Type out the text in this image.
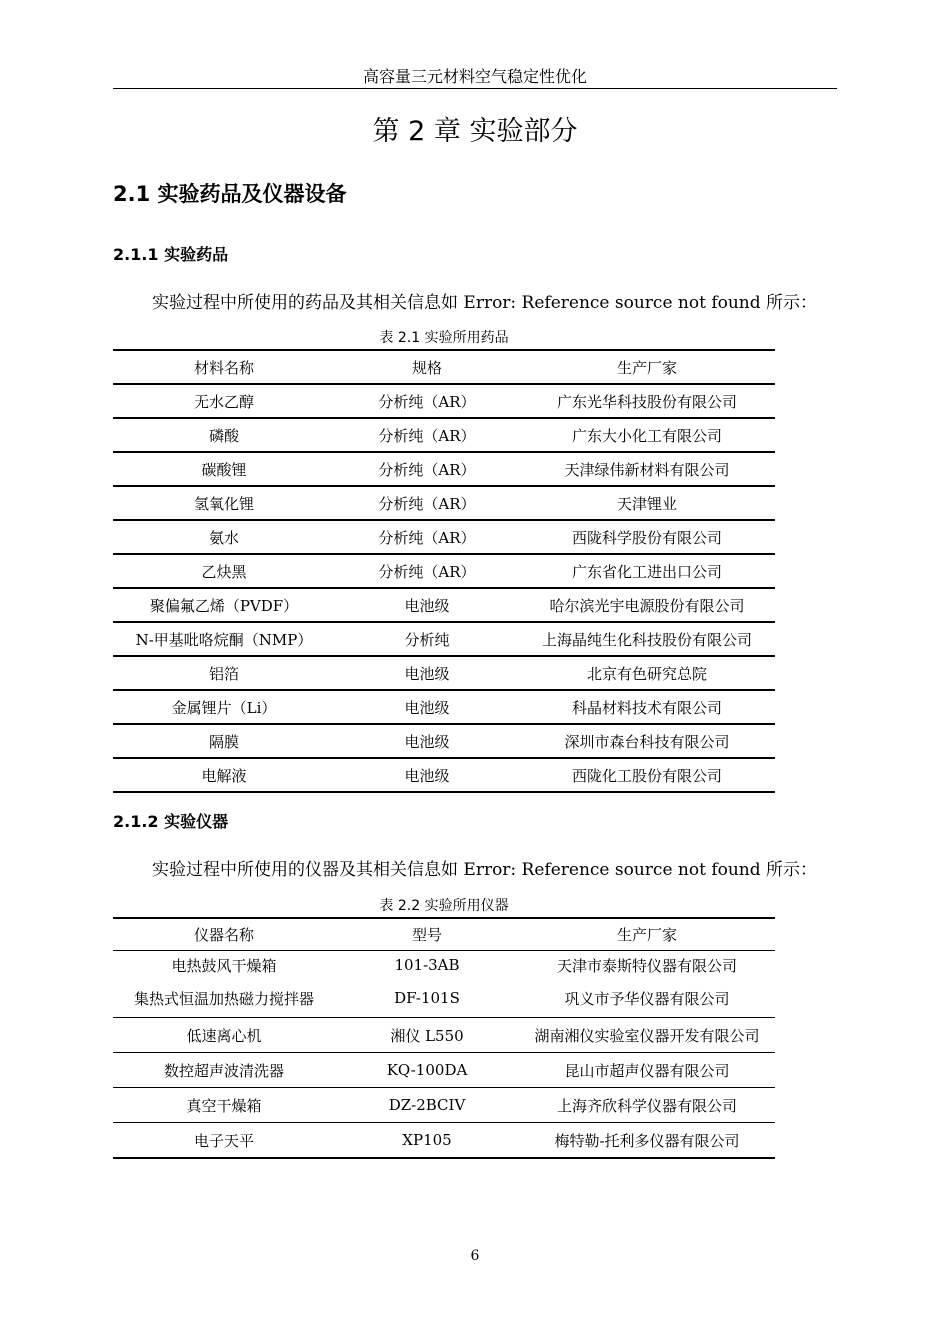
高容量三元材料空气稳定性优化
第 2 章 实验部分
2.1 实验药品及仪器设备
2.1.1 实验药品
实验过程中所使用的药品及其相关信息如 Error: Reference source not found 所示：
表 2.1 实验所用药品
材料名称	规格	生产厂家
无水乙醇	分析纯（AR）	广东光华科技股份有限公司
磷酸	分析纯（AR）	广东大小化工有限公司
碳酸锂	分析纯（AR）	天津绿伟新材料有限公司
氢氧化锂	分析纯（AR）	天津锂业
氨水	分析纯（AR）	西陇科学股份有限公司
乙炔黑	分析纯（AR）	广东省化工进出口公司
聚偏氟乙烯（PVDF）	电池级	哈尔滨光宇电源股份有限公司
N-甲基吡咯烷酮（NMP）	分析纯	上海晶纯生化科技股份有限公司
铝箔	电池级	北京有色研究总院
金属锂片（Li）	电池级	科晶材料技术有限公司
隔膜	电池级	深圳市森台科技有限公司
电解液	电池级	西陇化工股份有限公司
2.1.2 实验仪器
实验过程中所使用的仪器及其相关信息如 Error: Reference source not found 所示：
表 2.2 实验所用仪器
仪器名称	型号	生产厂家
电热鼓风干燥箱	101-3AB	天津市泰斯特仪器有限公司
集热式恒温加热磁力搅拌器	DF-101S	巩义市予华仪器有限公司
低速离心机	湘仪 L550	湖南湘仪实验室仪器开发有限公司
数控超声波清洗器	KQ-100DA	昆山市超声仪器有限公司
真空干燥箱	DZ-2BCIV	上海齐欣科学仪器有限公司
电子天平	XP105	梅特勒-托利多仪器有限公司
6
